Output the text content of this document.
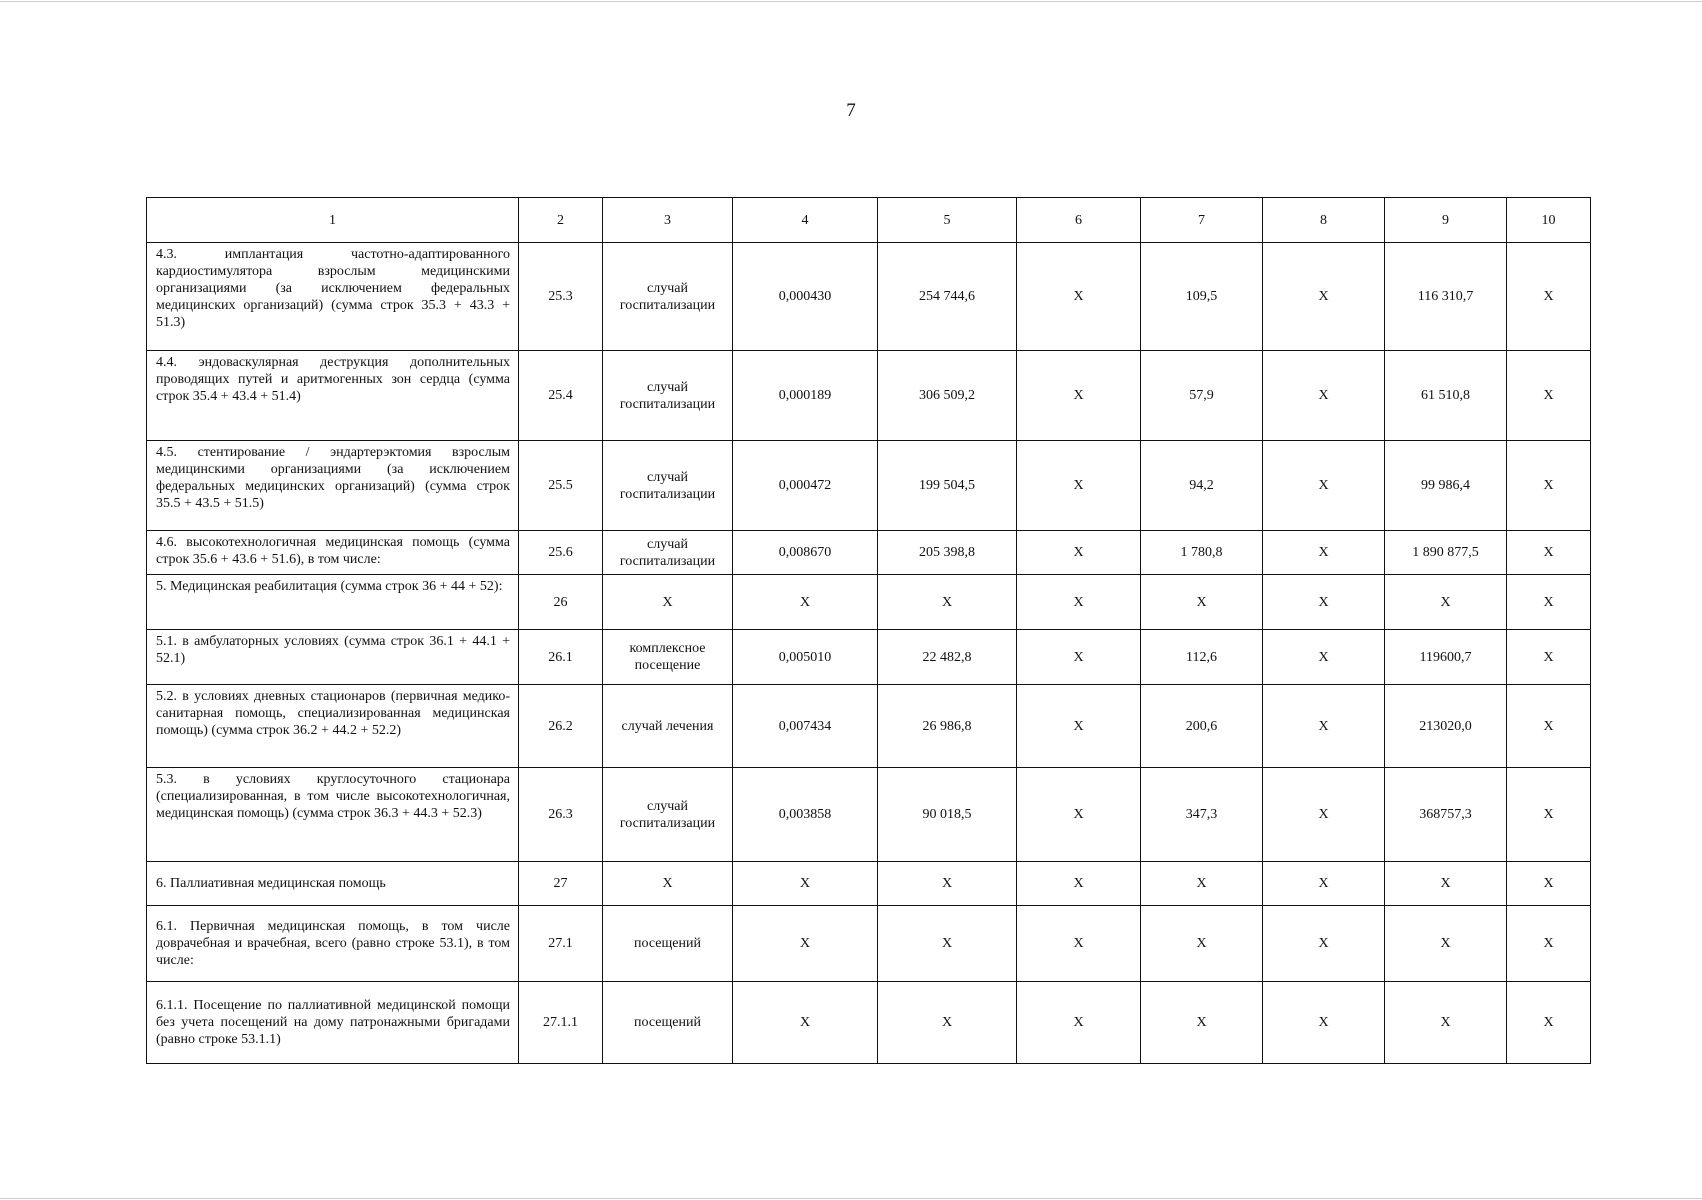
7
1	2	3	4	5	6	7	8	9	10
4.3. имплантация частотно-адаптированного кардиостимулятора взрослым медицинскими организациями (за исключением федеральных медицинских организаций) (сумма строк 35.3 + 43.3 + 51.3)	25.3	случай госпитализации	0,000430	254 744,6	X	109,5	X	116 310,7	X
4.4. эндоваскулярная деструкция дополнительных проводящих путей и аритмогенных зон сердца (сумма строк 35.4 + 43.4 + 51.4)	25.4	случай госпитализации	0,000189	306 509,2	X	57,9	X	61 510,8	X
4.5. стентирование / эндартерэктомия взрослым медицинскими организациями (за исключением федеральных медицинских организаций) (сумма строк 35.5 + 43.5 + 51.5)	25.5	случай госпитализации	0,000472	199 504,5	X	94,2	X	99 986,4	X
4.6. высокотехнологичная медицинская помощь (сумма строк 35.6 + 43.6 + 51.6), в том числе:	25.6	случай госпитализации	0,008670	205 398,8	X	1 780,8	X	1 890 877,5	X
5. Медицинская реабилитация (сумма строк 36 + 44 + 52):	26	X	X	X	X	X	X	X	X
5.1. в амбулаторных условиях (сумма строк 36.1 + 44.1 + 52.1)	26.1	комплексное посещение	0,005010	22 482,8	X	112,6	X	119600,7	X
5.2. в условиях дневных стационаров (первичная медико-санитарная помощь, специализированная медицинская помощь) (сумма строк 36.2 + 44.2 + 52.2)	26.2	случай лечения	0,007434	26 986,8	X	200,6	X	213020,0	X
5.3. в условиях круглосуточного стационара (специализированная, в том числе высокотехнологичная, медицинская помощь) (сумма строк 36.3 + 44.3 + 52.3)	26.3	случай госпитализации	0,003858	90 018,5	X	347,3	X	368757,3	X
6. Паллиативная медицинская помощь	27	X	X	X	X	X	X	X	X
6.1. Первичная медицинская помощь, в том числе доврачебная и врачебная, всего (равно строке 53.1), в том числе:	27.1	посещений	X	X	X	X	X	X	X
6.1.1. Посещение по паллиативной медицинской помощи без учета посещений на дому патронажными бригадами (равно строке 53.1.1)	27.1.1	посещений	X	X	X	X	X	X	X
